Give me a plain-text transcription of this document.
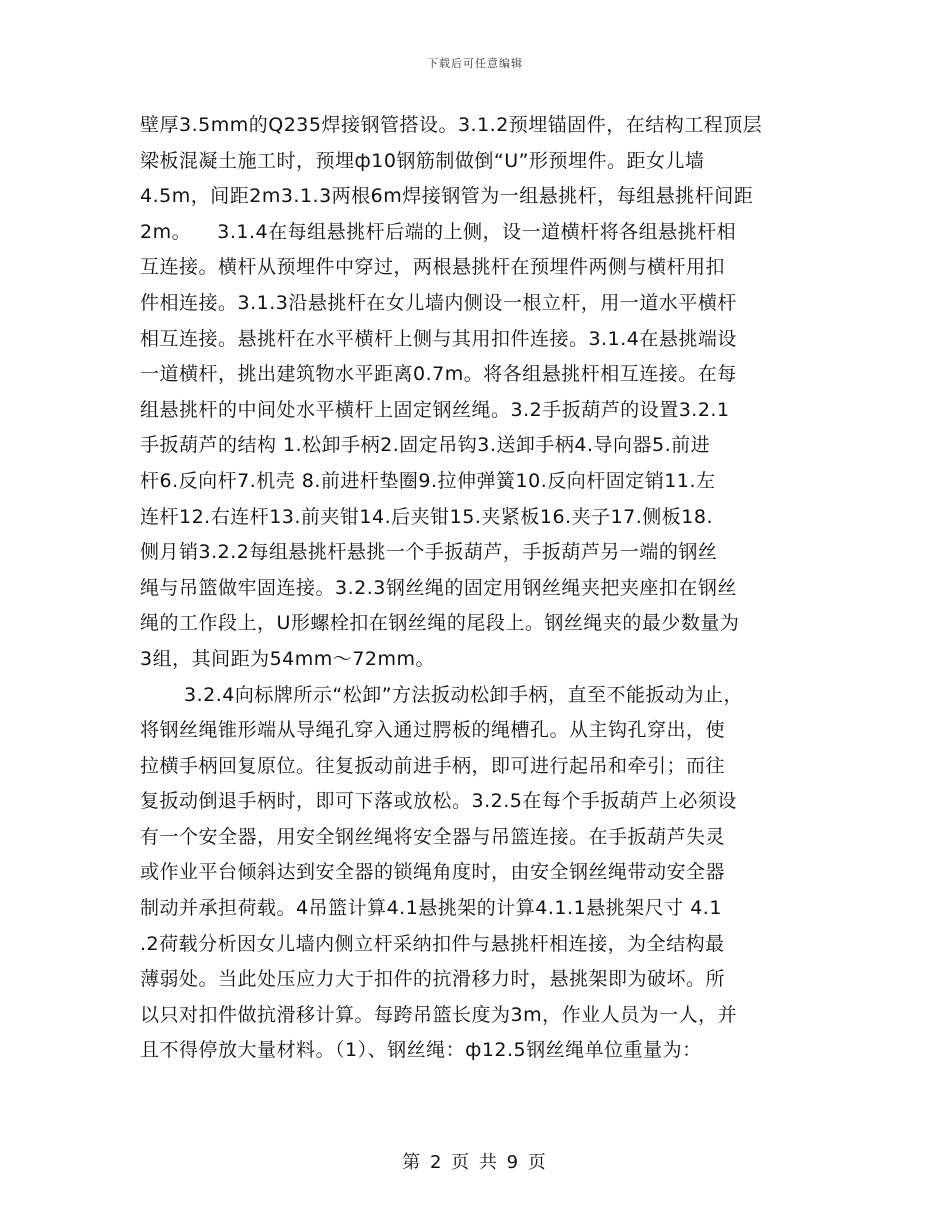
下载后可任意编辑
壁厚3.5mm的Q235焊接钢管搭设。3.1.2预埋锚固件，在结构工程顶层
梁板混凝土施工时，预埋ф10钢筋制做倒“U”形预埋件。距女儿墙
4.5m，间距2m3.1.3两根6m焊接钢管为一组悬挑杆，每组悬挑杆间距
2m。    3.1.4在每组悬挑杆后端的上侧，设一道横杆将各组悬挑杆相
互连接。横杆从预埋件中穿过，两根悬挑杆在预埋件两侧与横杆用扣
件相连接。3.1.3沿悬挑杆在女儿墙内侧设一根立杆，用一道水平横杆
相互连接。悬挑杆在水平横杆上侧与其用扣件连接。3.1.4在悬挑端设
一道横杆，挑出建筑物水平距离0.7m。将各组悬挑杆相互连接。在每
组悬挑杆的中间处水平横杆上固定钢丝绳。3.2手扳葫芦的设置3.2.1
手扳葫芦的结构 1.松卸手柄2.固定吊钩3.送卸手柄4.导向器5.前进
杆6.反向杆7.机壳 8.前进杆垫圈9.拉伸弹簧10.反向杆固定销11.左
连杆12.右连杆13.前夹钳14.后夹钳15.夹紧板16.夹子17.侧板18.
侧月销3.2.2每组悬挑杆悬挑一个手扳葫芦，手扳葫芦另一端的钢丝
绳与吊篮做牢固连接。3.2.3钢丝绳的固定用钢丝绳夹把夹座扣在钢丝
绳的工作段上，U形螺栓扣在钢丝绳的尾段上。钢丝绳夹的最少数量为
3组，其间距为54mm～72mm。
3.2.4向标牌所示“松卸”方法扳动松卸手柄，直至不能扳动为止，
将钢丝绳锥形端从导绳孔穿入通过腭板的绳槽孔。从主钩孔穿出，使
拉横手柄回复原位。往复扳动前进手柄，即可进行起吊和牵引；而往
复扳动倒退手柄时，即可下落或放松。3.2.5在每个手扳葫芦上必须设
有一个安全器，用安全钢丝绳将安全器与吊篮连接。在手扳葫芦失灵
或作业平台倾斜达到安全器的锁绳角度时，由安全钢丝绳带动安全器
制动并承担荷载。4吊篮计算4.1悬挑架的计算4.1.1悬挑架尺寸 4.1
.2荷载分析因女儿墙内侧立杆采纳扣件与悬挑杆相连接，为全结构最
薄弱处。当此处压应力大于扣件的抗滑移力时，悬挑架即为破坏。所
以只对扣件做抗滑移计算。每跨吊篮长度为3m，作业人员为一人，并
且不得停放大量材料。（1）、钢丝绳：ф12.5钢丝绳单位重量为：
第 2 页 共 9 页
